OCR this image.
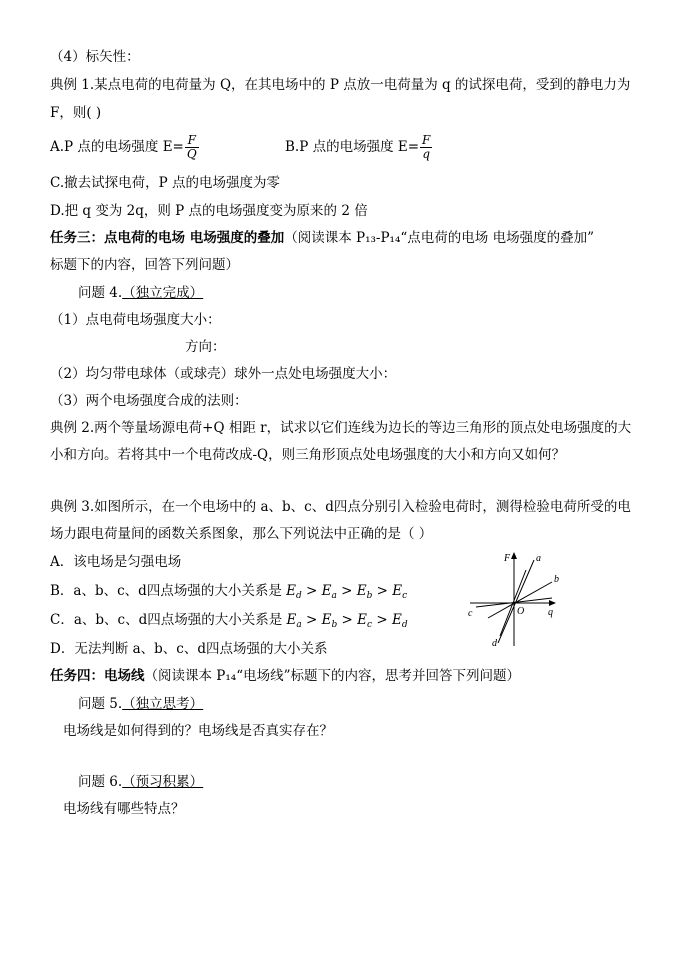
（4）标矢性：
典例 1.某点电荷的电荷量为 Q，在其电场中的 P 点放一电荷量为 q 的试探电荷，受到的静电力为
F，则( )
A.P 点的电场强度 $E= \frac{F}{Q}$	B.P 点的电场强度 $E= \frac{F}{q}$
C.撤去试探电荷，P 点的电场强度为零
D.把 q 变为 2q，则 P 点的电场强度变为原来的 2 倍
任务三：点电荷的电场 电场强度的叠加（阅读课本 P₁₃-P₁₄“点电荷的电场 电场强度的叠加”
标题下的内容，回答下列问题）
问题 4.（独立完成）
（1）点电荷电场强度大小：
方向：
（2）均匀带电球体（或球壳）球外一点处电场强度大小：
（3）两个电场强度合成的法则：
典例 2.两个等量场源电荷+Q 相距 r，试求以它们连线为边长的等边三角形的顶点处电场强度的大
小和方向。若将其中一个电荷改成-Q，则三角形顶点处电场强度的大小和方向又如何？
典例 3.如图所示，在一个电场中的 a、b、c、d四点分别引入检验电荷时，测得检验电荷所受的电
场力跟电荷量间的函数关系图象，那么下列说法中正确的是（ ）
A．该电场是匀强电场
B．a、b、c、d四点场强的大小关系是 $E_d > E_a > E_b > E_c$
C．a、b、c、d四点场强的大小关系是 $E_a > E_b > E_c > E_d$
D．无法判断 a、b、c、d四点场强的大小关系
F
q
O
a
b
c
d
任务四：电场线（阅读课本 P₁₄“电场线”标题下的内容，思考并回答下列问题）
问题 5.（独立思考）
电场线是如何得到的？电场线是否真实存在？
问题 6.（预习积累）
电场线有哪些特点？
